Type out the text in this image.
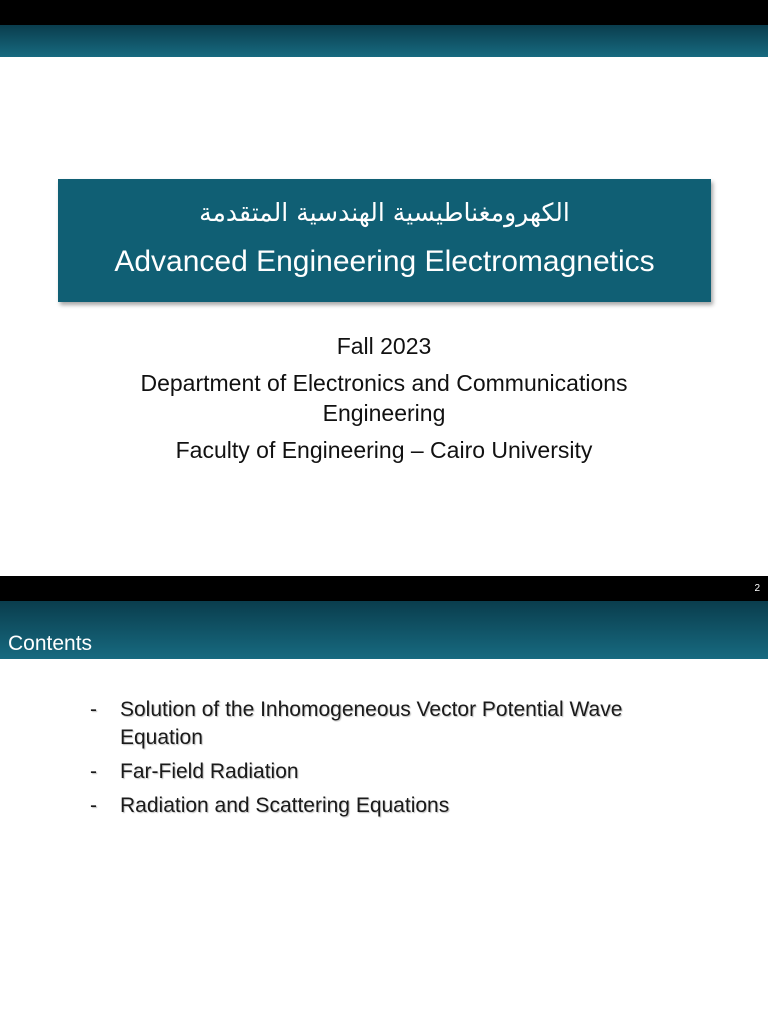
الكهرومغناطيسية الهندسية المتقدمة
Advanced Engineering Electromagnetics

Fall 2023

Department of Electronics and Communications Engineering

Faculty of Engineering – Cairo University

2
Contents
- Solution of the Inhomogeneous Vector Potential Wave Equation
- Far-Field Radiation
- Radiation and Scattering Equations
